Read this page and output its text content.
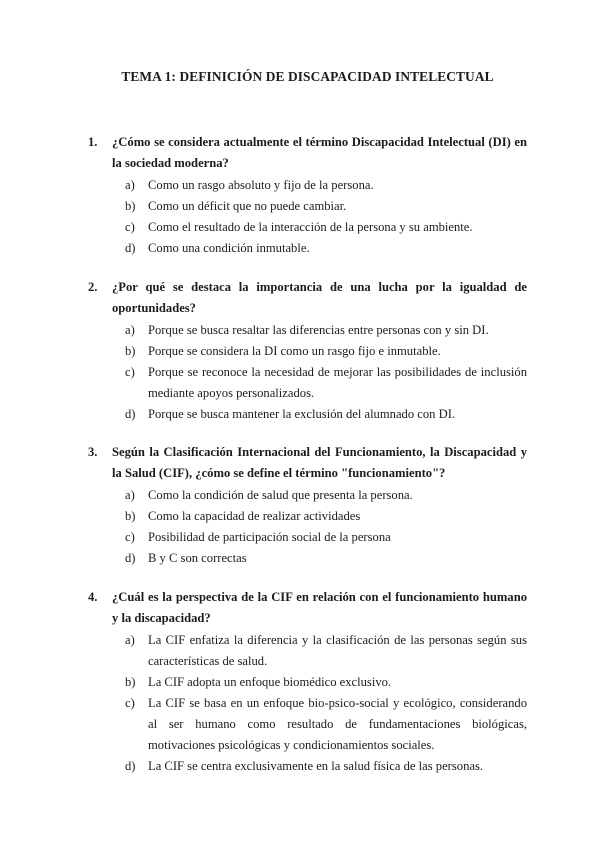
TEMA 1: DEFINICIÓN DE DISCAPACIDAD INTELECTUAL
1.	¿Cómo se considera actualmente el término Discapacidad Intelectual (DI) en la sociedad moderna?
a)	Como un rasgo absoluto y fijo de la persona.
b) Como un déficit que no puede cambiar.
c)	Como el resultado de la interacción de la persona y su ambiente.
d) Como una condición inmutable.
2.	¿Por qué se destaca la importancia de una lucha por la igualdad de oportunidades?
a)	Porque se busca resaltar las diferencias entre personas con y sin DI.
b) Porque se considera la DI como un rasgo fijo e inmutable.
c)	Porque se reconoce la necesidad de mejorar las posibilidades de inclusión mediante apoyos personalizados.
d) Porque se busca mantener la exclusión del alumnado con DI.
3.	Según la Clasificación Internacional del Funcionamiento, la Discapacidad y la Salud (CIF), ¿cómo se define el término "funcionamiento"?
a)	Como la condición de salud que presenta la persona.
b) Como la capacidad de realizar actividades
c)	Posibilidad de participación social de la persona
d) B y C son correctas
4.	¿Cuál es la perspectiva de la CIF en relación con el funcionamiento humano y la discapacidad?
a)	La CIF enfatiza la diferencia y la clasificación de las personas según sus características de salud.
b) La CIF adopta un enfoque biomédico exclusivo.
c)	La CIF se basa en un enfoque bio-psico-social y ecológico, considerando al ser humano como resultado de fundamentaciones biológicas, motivaciones psicológicas y condicionamientos sociales.
d) La CIF se centra exclusivamente en la salud física de las personas.
